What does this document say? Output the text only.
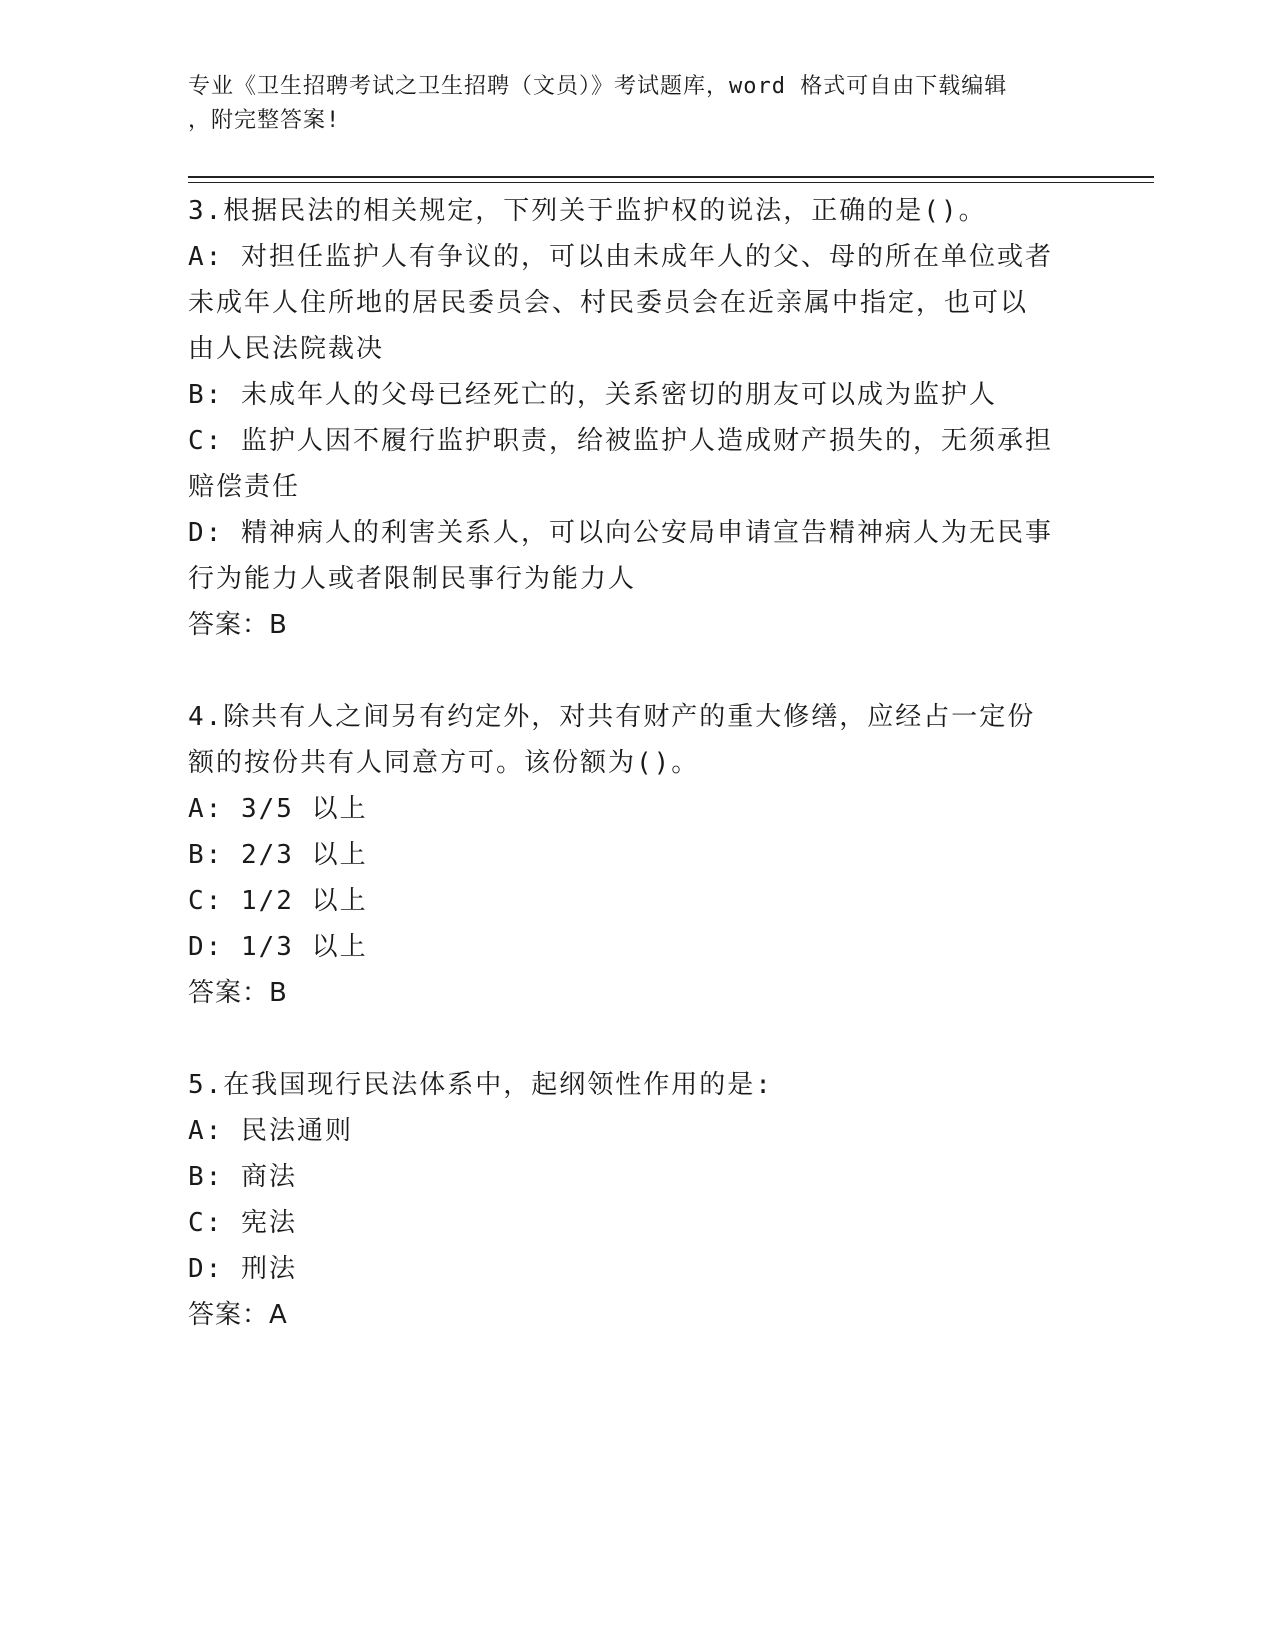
专业《卫生招聘考试之卫生招聘（文员）》考试题库，word 格式可自由下载编辑
，附完整答案!
3.根据民法的相关规定，下列关于监护权的说法，正确的是()。
A: 对担任监护人有争议的，可以由未成年人的父、母的所在单位或者
未成年人住所地的居民委员会、村民委员会在近亲属中指定，也可以
由人民法院裁决
B: 未成年人的父母已经死亡的，关系密切的朋友可以成为监护人
C: 监护人因不履行监护职责，给被监护人造成财产损失的，无须承担
赔偿责任
D: 精神病人的利害关系人，可以向公安局申请宣告精神病人为无民事
行为能力人或者限制民事行为能力人
答案：B
4.除共有人之间另有约定外，对共有财产的重大修缮，应经占一定份
额的按份共有人同意方可。该份额为()。
A: 3/5 以上
B: 2/3 以上
C: 1/2 以上
D: 1/3 以上
答案：B
5.在我国现行民法体系中，起纲领性作用的是:
A: 民法通则
B: 商法
C: 宪法
D: 刑法
答案：A
